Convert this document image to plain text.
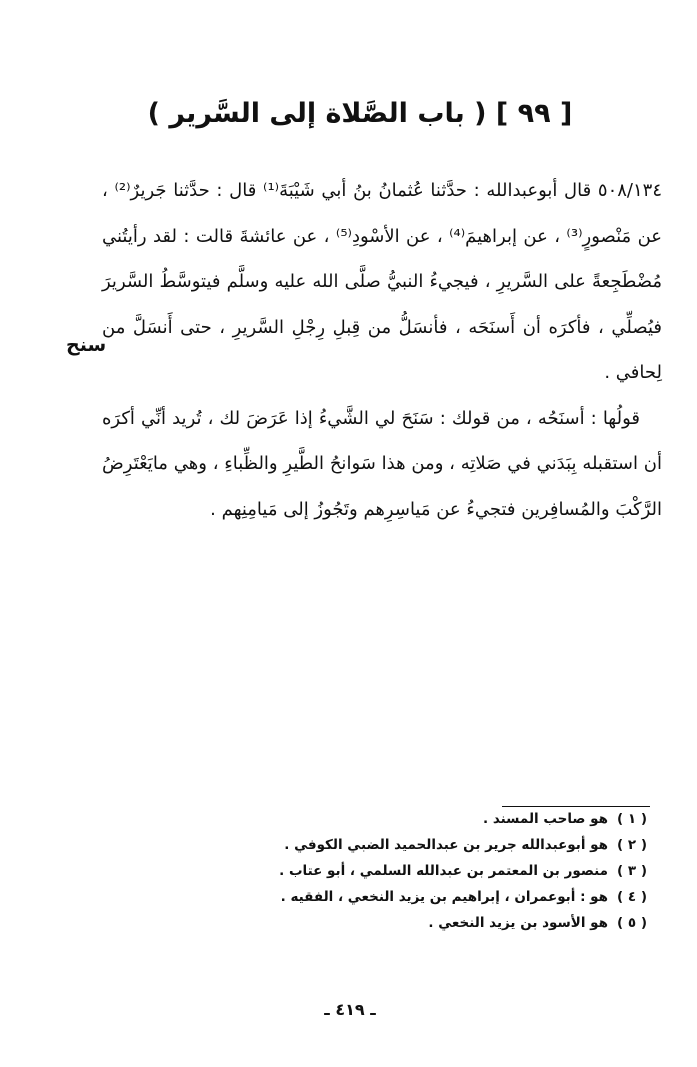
[ ٩٩ ] ( باب الصَّلاة إلى السَّرير )

٥٠٨/١٣٤ قال أبوعبدالله : حدَّثنا عُثمانُ بنُ أبي شَيْبَةَ⁽¹⁾ قال : حدَّثنا جَريرٌ⁽²⁾ ، عن مَنْصورٍ⁽³⁾ ، عن إبراهيمَ⁽⁴⁾ ، عن الأسْودِ⁽⁵⁾ ، عن عائشةَ قالت : لقد رأيتُني مُضْطَجِعةً على السَّريرِ ، فيجيءُ النبيُّ صلَّى الله عليه وسلَّم فيتوسَّطُ السَّريرَ فيُصلِّي ، فأكرَه أن أَسنَحَه ، فأنسَلُّ من قِبلِ رِجْلِ السَّريرِ ، حتى أَنسَلَّ من لِحافي .

قولُها : أسنَحُه ، من قولك : سَنَحَ لي الشَّيءُ إذا عَرَضَ لك ، تُريد أنِّي أكرَه أن استقبله بِبَدَني في صَلاتِه ، ومن هذا سَوانحُ الطَّيرِ والظِّباءِ ، وهي مايَعْتَرِضُ الرَّكْبَ والمُسافِرين فتجيءُ عن مَياسِرِهم وتَجُوزُ إلى مَيامِنِهم .

سنح
( ١ )
هو صاحب المسند .
( ٢ )
هو أبوعبدالله جرير بن عبدالحميد الضبي الكوفي .
( ٣ )
منصور بن المعتمر بن عبدالله السلمي ، أبو عتاب .
( ٤ )
هو : أبوعمران ، إبراهيم بن يزيد النخعي ، الفقيه .
( ٥ )
هو الأسود بن يزيد النخعي .
ـ ٤١٩ ـ
